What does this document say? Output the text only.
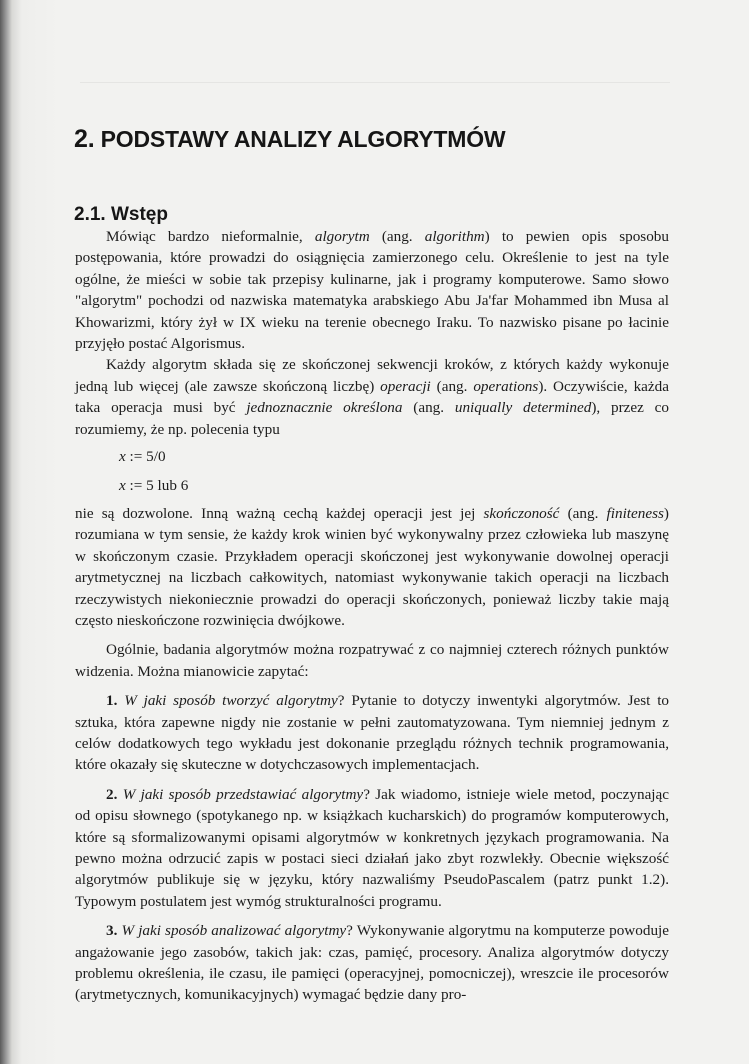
2. PODSTAWY ANALIZY ALGORYTMÓW
2.1. Wstęp

Mówiąc bardzo nieformalnie, algorytm (ang. algorithm) to pewien opis sposobu postępowania, które prowadzi do osiągnięcia zamierzonego celu. Określenie to jest na tyle ogólne, że mieści w sobie tak przepisy kulinarne, jak i programy komputerowe. Samo słowo "algorytm" pochodzi od nazwiska matematyka arabskiego Abu Ja'far Mohammed ibn Musa al Khowarizmi, który żył w IX wieku na terenie obecnego Iraku. To nazwisko pisane po łacinie przyjęło postać Algorismus.

Każdy algorytm składa się ze skończonej sekwencji kroków, z których każdy wykonuje jedną lub więcej (ale zawsze skończoną liczbę) operacji (ang. operations). Oczywiście, każda taka operacja musi być jednoznacznie określona (ang. uniqually determined), przez co rozumiemy, że np. polecenia typu

x := 5/0
x := 5 lub 6

nie są dozwolone. Inną ważną cechą każdej operacji jest jej skończoność (ang. finiteness) rozumiana w tym sensie, że każdy krok winien być wykonywalny przez człowieka lub maszynę w skończonym czasie. Przykładem operacji skończonej jest wykonywanie dowolnej operacji arytmetycznej na liczbach całkowitych, natomiast wykonywanie takich operacji na liczbach rzeczywistych niekoniecznie prowadzi do operacji skończonych, ponieważ liczby takie mają często nieskończone rozwinięcia dwójkowe.

Ogólnie, badania algorytmów można rozpatrywać z co najmniej czterech różnych punktów widzenia. Można mianowicie zapytać:

1. W jaki sposób tworzyć algorytmy? Pytanie to dotyczy inwentyki algorytmów. Jest to sztuka, która zapewne nigdy nie zostanie w pełni zautomatyzowana. Tym niemniej jednym z celów dodatkowych tego wykładu jest dokonanie przeglądu różnych technik programowania, które okazały się skuteczne w dotychczasowych implementacjach.

2. W jaki sposób przedstawiać algorytmy? Jak wiadomo, istnieje wiele metod, poczynając od opisu słownego (spotykanego np. w książkach kucharskich) do programów komputerowych, które są sformalizowanymi opisami algorytmów w konkretnych językach programowania. Na pewno można odrzucić zapis w postaci sieci działań jako zbyt rozwlekły. Obecnie większość algorytmów publikuje się w języku, który nazwaliśmy PseudoPascalem (patrz punkt 1.2). Typowym postulatem jest wymóg strukturalności programu.

3. W jaki sposób analizować algorytmy? Wykonywanie algorytmu na komputerze powoduje angażowanie jego zasobów, takich jak: czas, pamięć, procesory. Analiza algorytmów dotyczy problemu określenia, ile czasu, ile pamięci (operacyjnej, pomocniczej), wreszcie ile procesorów (arytmetycznych, komunikacyjnych) wymagać będzie dany pro-
